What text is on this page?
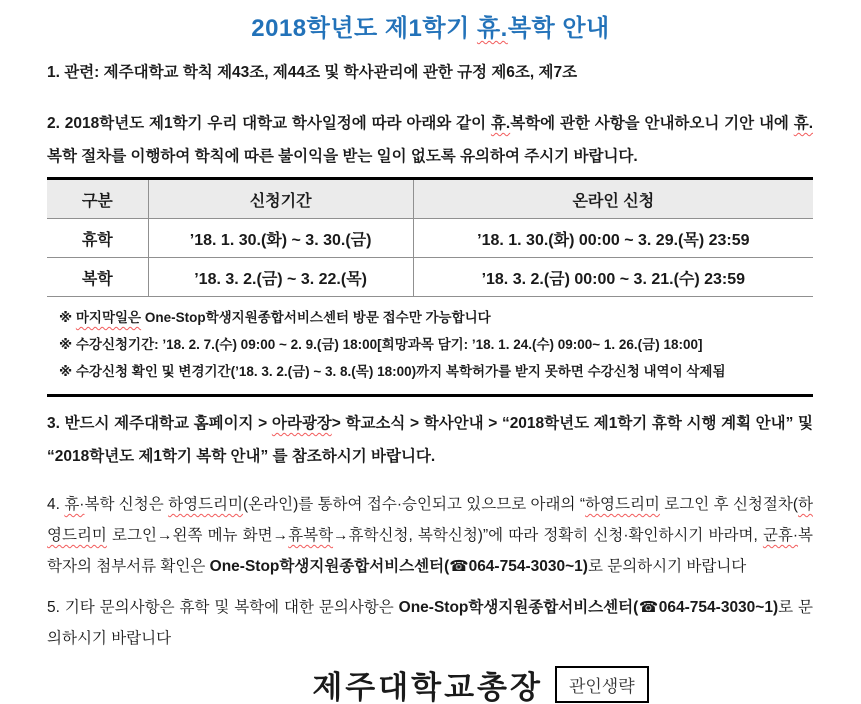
2018학년도 제1학기 휴.복학 안내
1. 관련: 제주대학교 학칙 제43조, 제44조 및 학사관리에 관한 규정 제6조, 제7조
2. 2018학년도 제1학기 우리 대학교 학사일정에 따라 아래와 같이 휴.복학에 관한 사항을 안내하오니 기안 내에 휴.복학 절차를 이행하여 학칙에 따른 불이익을 받는 일이 없도록 유의하여 주시기 바랍니다.
구분	신청기간	온라인 신청
휴학	’18. 1. 30.(화) ~ 3. 30.(금)	’18. 1. 30.(화) 00:00 ~ 3. 29.(목) 23:59
복학	’18. 3. 2.(금) ~ 3. 22.(목)	’18. 3. 2.(금) 00:00 ~ 3. 21.(수) 23:59
※ 마지막일은 One-Stop학생지원종합서비스센터 방문 접수만 가능합니다
※ 수강신청기간: ’18. 2. 7.(수) 09:00 ~ 2. 9.(금) 18:00[희망과목 담기: ’18. 1. 24.(수) 09:00~ 1. 26.(금) 18:00]
※ 수강신청 확인 및 변경기간(’18. 3. 2.(금) ~ 3. 8.(목) 18:00)까지 복학허가를 받지 못하면 수강신청 내역이 삭제됨
3. 반드시 제주대학교 홈페이지 > 아라광장> 학교소식 > 학사안내 > “2018학년도 제1학기 휴학 시행 계획 안내” 및 “2018학년도 제1학기 복학 안내” 를 참조하시기 바랍니다.
4. 휴·복학 신청은 하영드리미(온라인)를 통하여 접수·승인되고 있으므로 아래의 “하영드리미 로그인 후 신청절차(하영드리미 로그인→왼쪽 메뉴 화면→휴복학→휴학신청, 복학신청)”에 따라 정확히 신청·확인하시기 바라며, 군휴·복학자의 첨부서류 확인은 One-Stop학생지원종합서비스센터(☎064-754-3030~1)로 문의하시기 바랍니다
5. 기타 문의사항은 휴학 및 복학에 대한 문의사항은 One-Stop학생지원종합서비스센터(☎064-754-3030~1)로 문의하시기 바랍니다
제주대학교총장	관인생략
